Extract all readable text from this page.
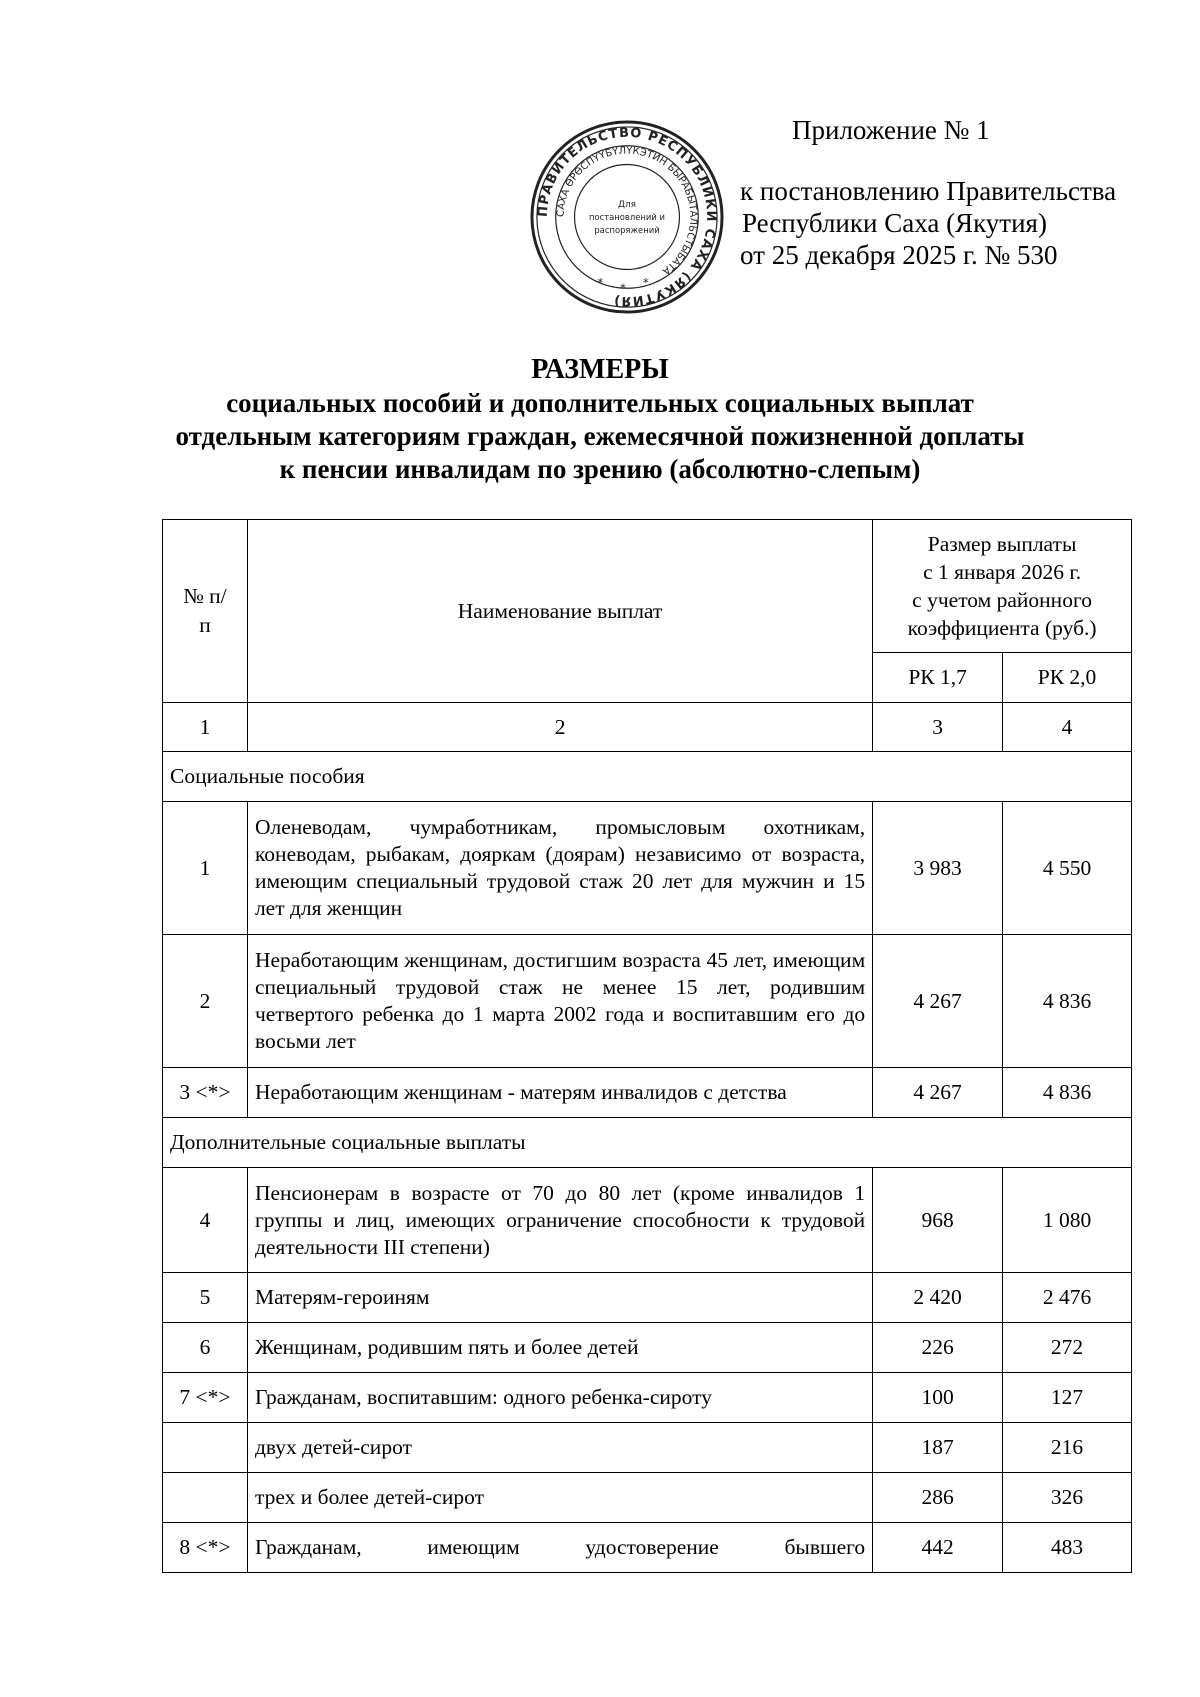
ПРАВИТЕЛЬСТВО РЕСПУБЛИКИ САХА (ЯКУТИЯ)
САХА ӨРӨСПҮҮБҮЛҮКЭТИН БЫРАБЫТАЛЬСТЫБАТА
Для
постановлений и
распоряжений
* * *
Приложение № 1
к постановлению Правительства
Республики Саха (Якутия)
от 25 декабря 2025 г. № 530
РАЗМЕРЫ
социальных пособий и дополнительных социальных выплат
отдельным категориям граждан, ежемесячной пожизненной доплаты
к пенсии инвалидам по зрению (абсолютно-слепым)
№ п/п	Наименование выплат	Размер выплаты
с 1 января 2026 г.
с учетом районного
коэффициента (руб.)	

		РК 1,7	РК 2,0
1	2	3	4
Социальные пособия			
1	Оленеводам, чумработникам, промысловым охотникам, коневодам, рыбакам, дояркам (доярам) независимо от возраста, имеющим специальный трудовой стаж 20 лет для мужчин и 15 лет для женщин	3 983	4 550
2	Неработающим женщинам, достигшим возраста 45 лет, имеющим специальный трудовой стаж не менее 15 лет, родившим четвертого ребенка до 1 марта 2002 года и воспитавшим его до восьми лет	4 267	4 836
3 <*>	Неработающим женщинам - матерям инвалидов с детства	4 267	4 836
Дополнительные социальные выплаты			
4	Пенсионерам в возрасте от 70 до 80 лет (кроме инвалидов 1 группы и лиц, имеющих ограничение способности к трудовой деятельности III степени)	968	1 080
5	Матерям-героиням	2 420	2 476
6	Женщинам, родившим пять и более детей	226	272
7 <*>	Гражданам, воспитавшим: одного ребенка-сироту	100	127
	двух детей-сирот	187	216
	трех и более детей-сирот	286	326
8 <*>	Гражданам, имеющим удостоверение бывшего	442	483
